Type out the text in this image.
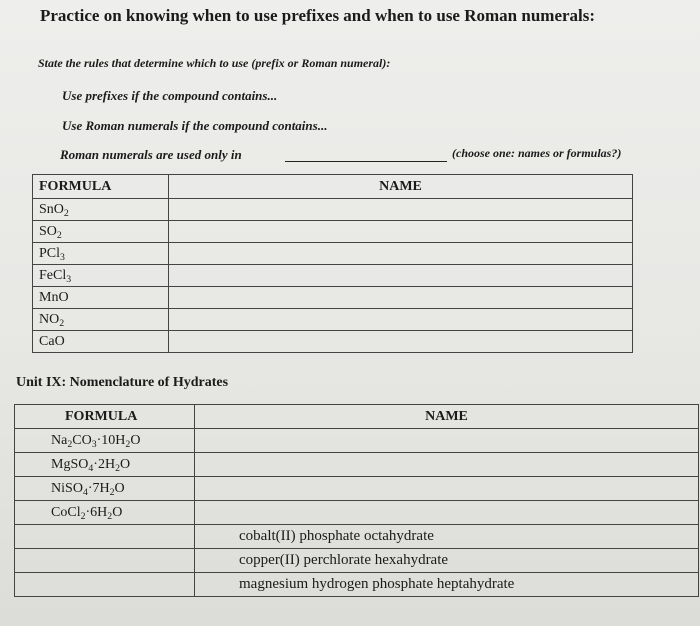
Practice on knowing when to use prefixes and when to use Roman numerals:
State the rules that determine which to use (prefix or Roman numeral):
Use prefixes if the compound contains...
Use Roman numerals if the compound contains...
Roman numerals are used only in	(choose one: names or formulas?)
FORMULA	NAME
SnO$_2$	
$SO_2$	
PCl$_3$	
FeCl$_3$	
MnO	
$NO_2$	
CaO	
Unit IX: Nomenclature of Hydrates
FORMULA	NAME
$Na_2CO_3\cdot 10H_2O$	
$MgSO_4\cdot 2H_2O$	
$NiSO_4\cdot 7H_2O$	
$CoCl_2\cdot 6H_2O$	
	cobalt(II) phosphate octahydrate
	copper(II) perchlorate hexahydrate
	magnesium hydrogen phosphate heptahydrate
